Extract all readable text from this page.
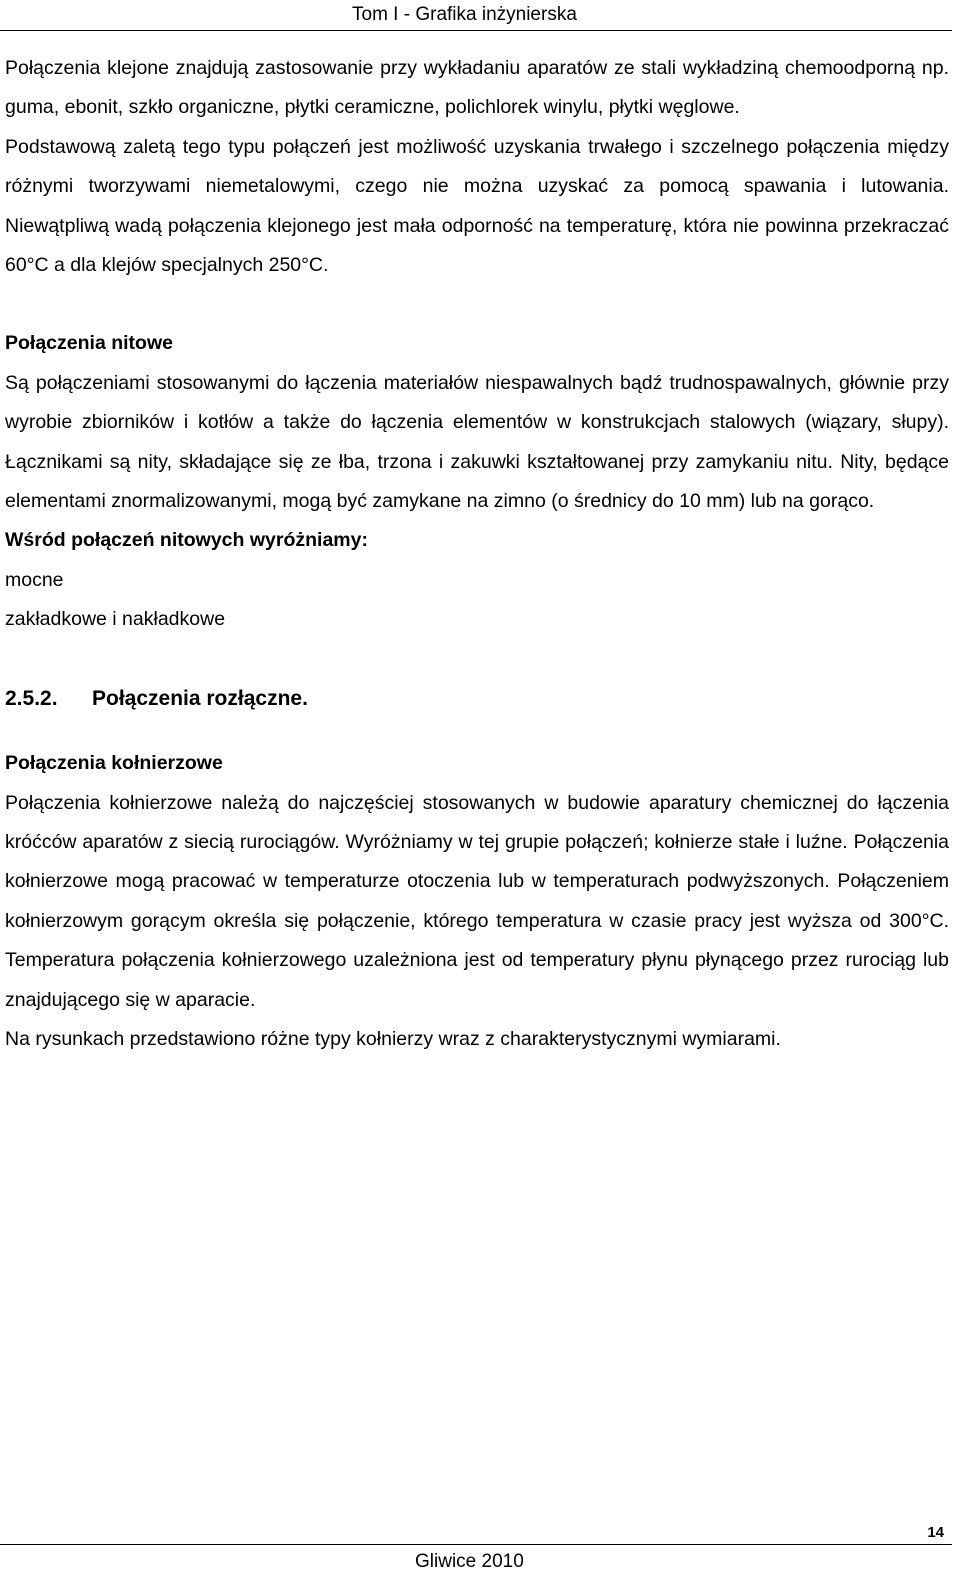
Tom I - Grafika inżynierska

Połączenia klejone znajdują zastosowanie przy wykładaniu aparatów ze stali wykładziną chemoodporną np. guma, ebonit, szkło organiczne, płytki ceramiczne, polichlorek winylu, płytki węglowe.

Podstawową zaletą tego typu połączeń jest możliwość uzyskania trwałego i szczelnego połączenia między różnymi tworzywami niemetalowymi, czego nie można uzyskać za pomocą spawania i lutowania. Niewątpliwą wadą połączenia klejonego jest mała odporność na temperaturę, która nie powinna przekraczać 60°C a dla klejów specjalnych 250°C.

Połączenia nitowe

Są połączeniami stosowanymi do łączenia materiałów niespawalnych bądź trudnospawalnych, głównie przy wyrobie zbiorników i kotłów a także do łączenia elementów w konstrukcjach stalowych (wiązary, słupy). Łącznikami są nity, składające się ze łba, trzona i zakuwki kształtowanej przy zamykaniu nitu. Nity, będące elementami znormalizowanymi, mogą być zamykane na zimno (o średnicy do 10 mm) lub na gorąco.

Wśród połączeń nitowych wyróżniamy:

mocne

zakładkowe i nakładkowe

2.5.2. Połączenia rozłączne.

Połączenia kołnierzowe

Połączenia kołnierzowe należą do najczęściej stosowanych w budowie aparatury chemicznej do łączenia króćców aparatów z siecią rurociągów. Wyróżniamy w tej grupie połączeń; kołnierze stałe i luźne. Połączenia kołnierzowe mogą pracować w temperaturze otoczenia lub w temperaturach podwyższonych. Połączeniem kołnierzowym gorącym określa się połączenie, którego temperatura w czasie pracy jest wyższa od 300°C. Temperatura połączenia kołnierzowego uzależniona jest od temperatury płynu płynącego przez rurociąg lub znajdującego się w aparacie.

Na rysunkach przedstawiono różne typy kołnierzy wraz z charakterystycznymi wymiarami.

14
Gliwice 2010
